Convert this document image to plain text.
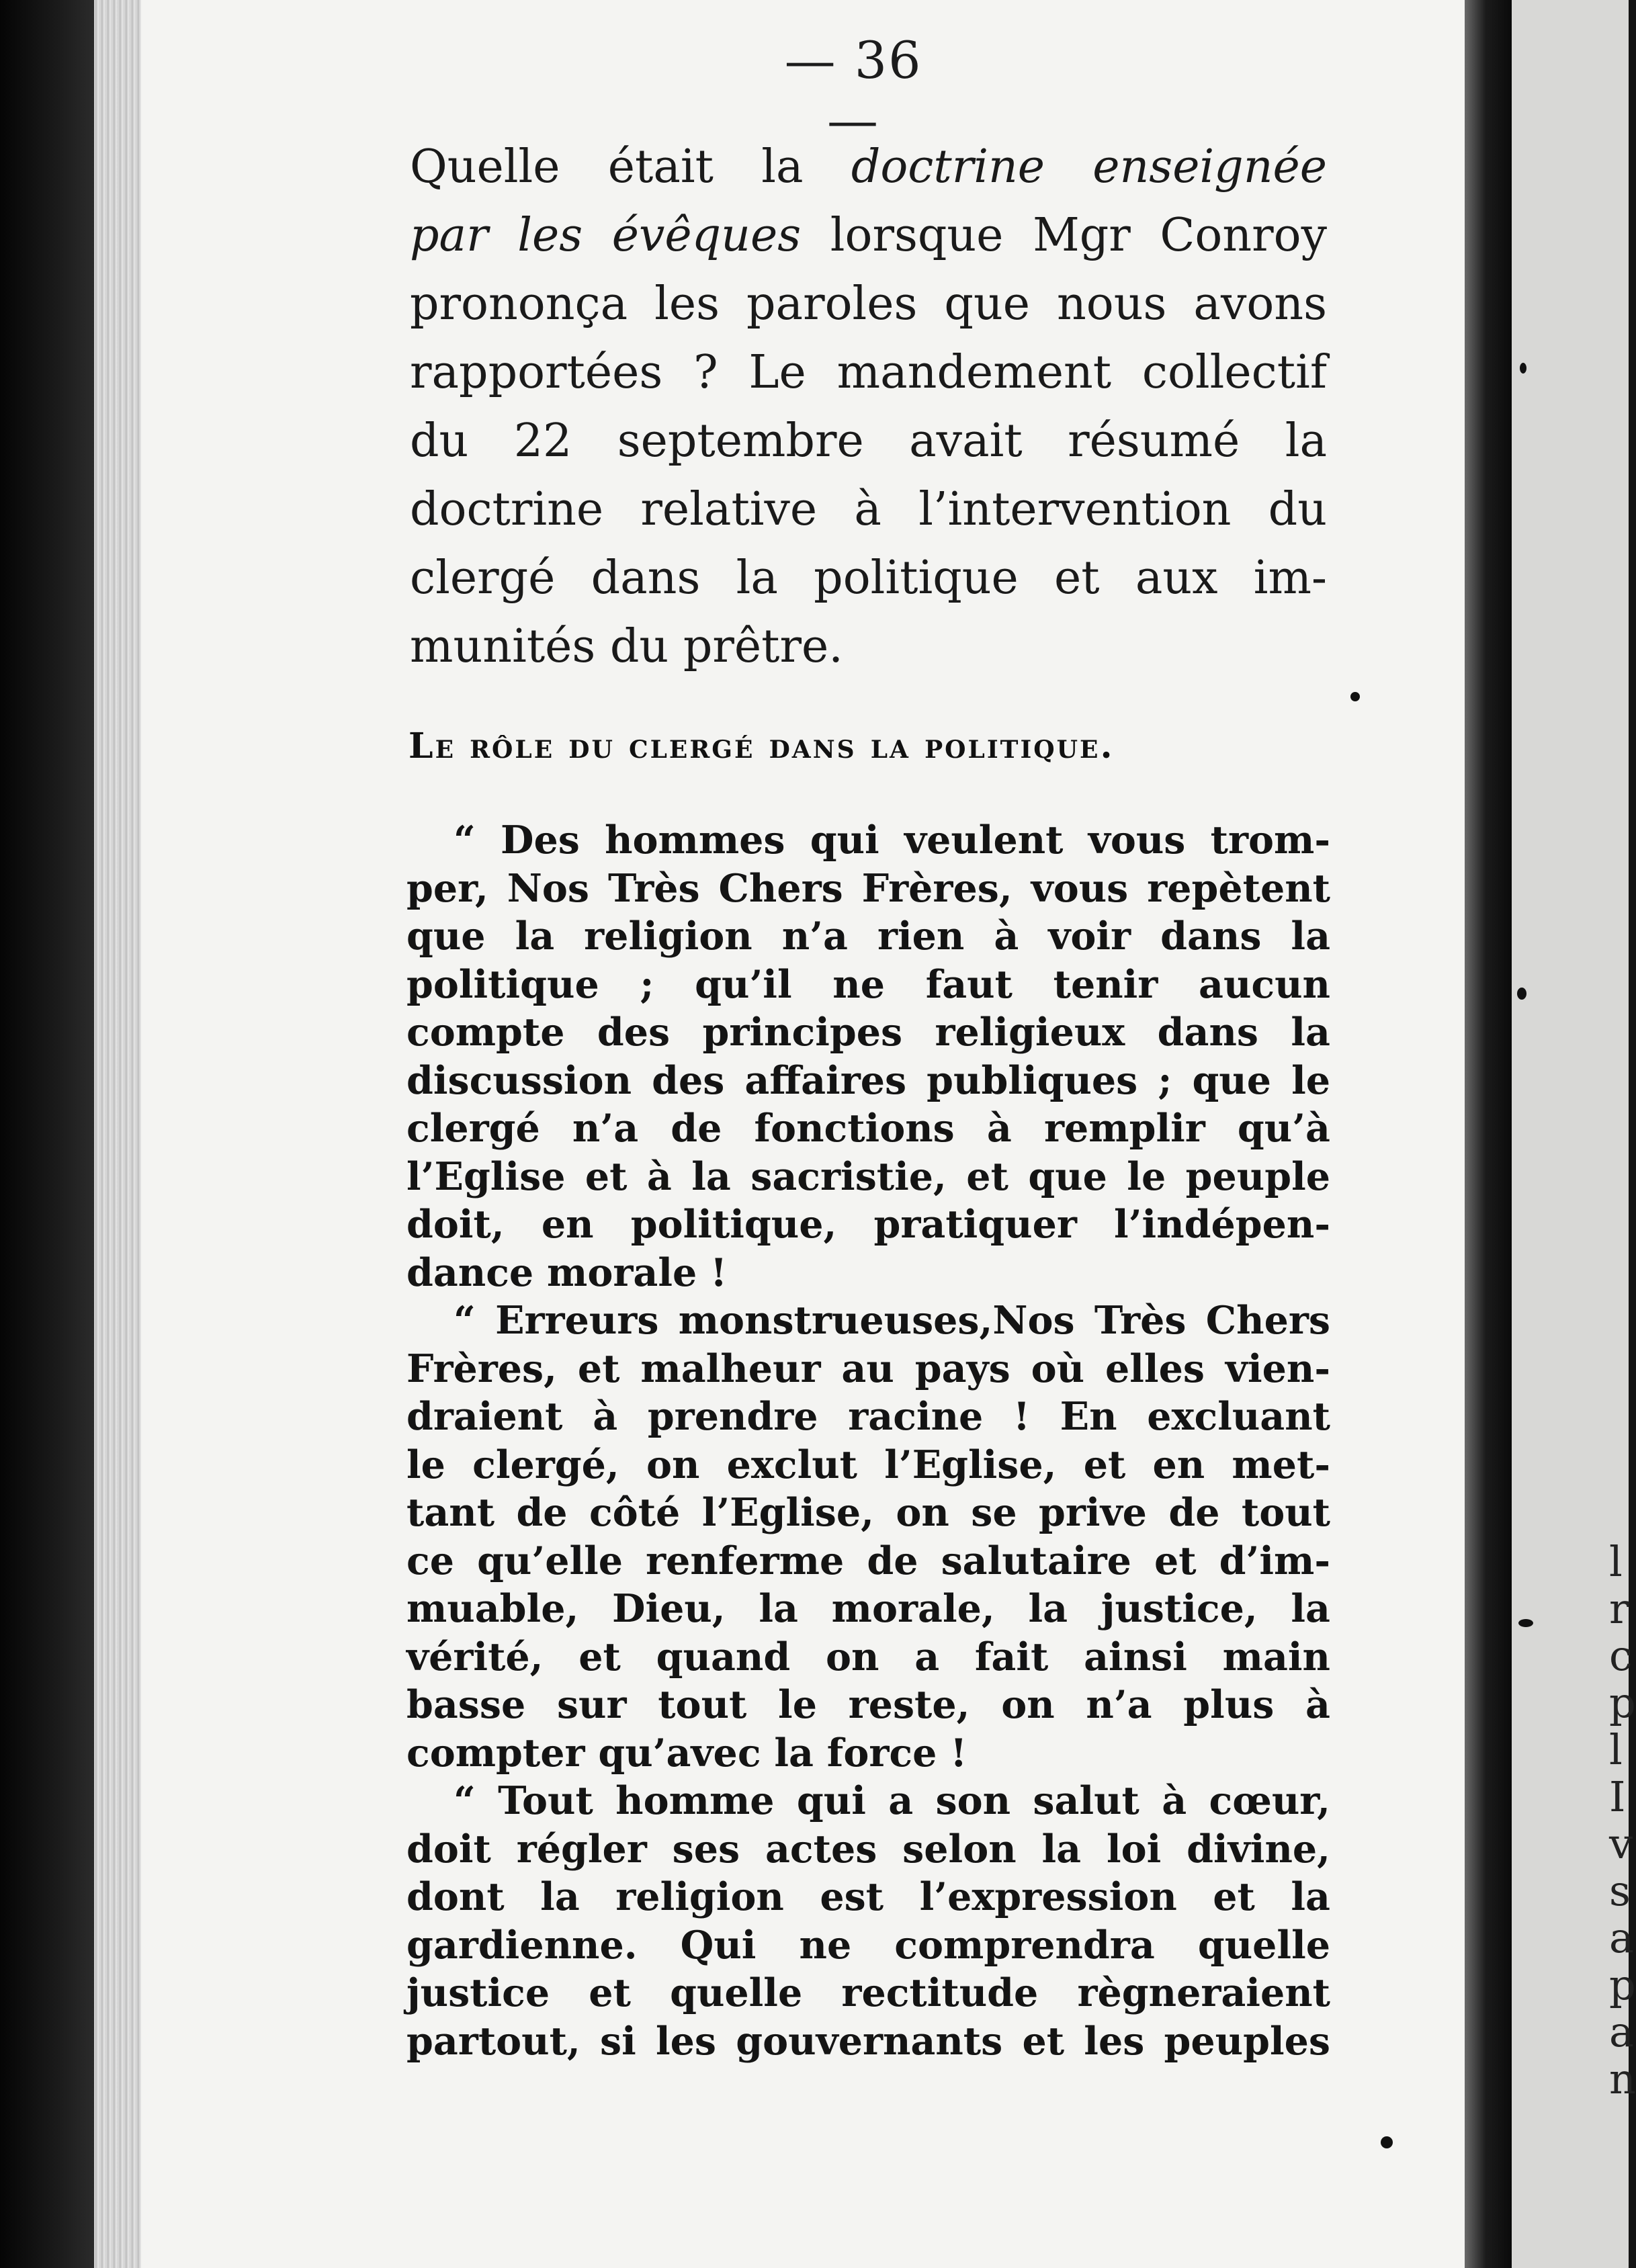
l
r
c
p
l
I
v
s
a
p
a
n
— 36 —
Quelle était la doctrine enseignée
par les évêques lorsque Mgr Conroy
prononça les paroles que nous avons
rapportées ? Le mandement collectif
du 22 septembre avait résumé la
doctrine relative à l’intervention du
clergé dans la politique et aux im-
munités du prêtre.
Le rôle du clergé dans la politique.
“ Des hommes qui veulent vous trom-
per, Nos Très Chers Frères, vous repètent
que la religion n’a rien à voir dans la
politique ; qu’il ne faut tenir aucun
compte des principes religieux dans la
discussion des affaires publiques ; que le
clergé n’a de fonctions à remplir qu’à
l’Eglise et à la sacristie, et que le peuple
doit, en politique, pratiquer l’indépen-
dance morale !
“ Erreurs monstrueuses,Nos Très Chers
Frères, et malheur au pays où elles vien-
draient à prendre racine ! En excluant
le clergé, on exclut l’Eglise, et en met-
tant de côté l’Eglise, on se prive de tout
ce qu’elle renferme de salutaire et d’im-
muable, Dieu, la morale, la justice, la
vérité, et quand on a fait ainsi main
basse sur tout le reste, on n’a plus à
compter qu’avec la force !
“ Tout homme qui a son salut à cœur,
doit régler ses actes selon la loi divine,
dont la religion est l’expression et la
gardienne. Qui ne comprendra quelle
justice et quelle rectitude règneraient
partout, si les gouvernants et les peuples
